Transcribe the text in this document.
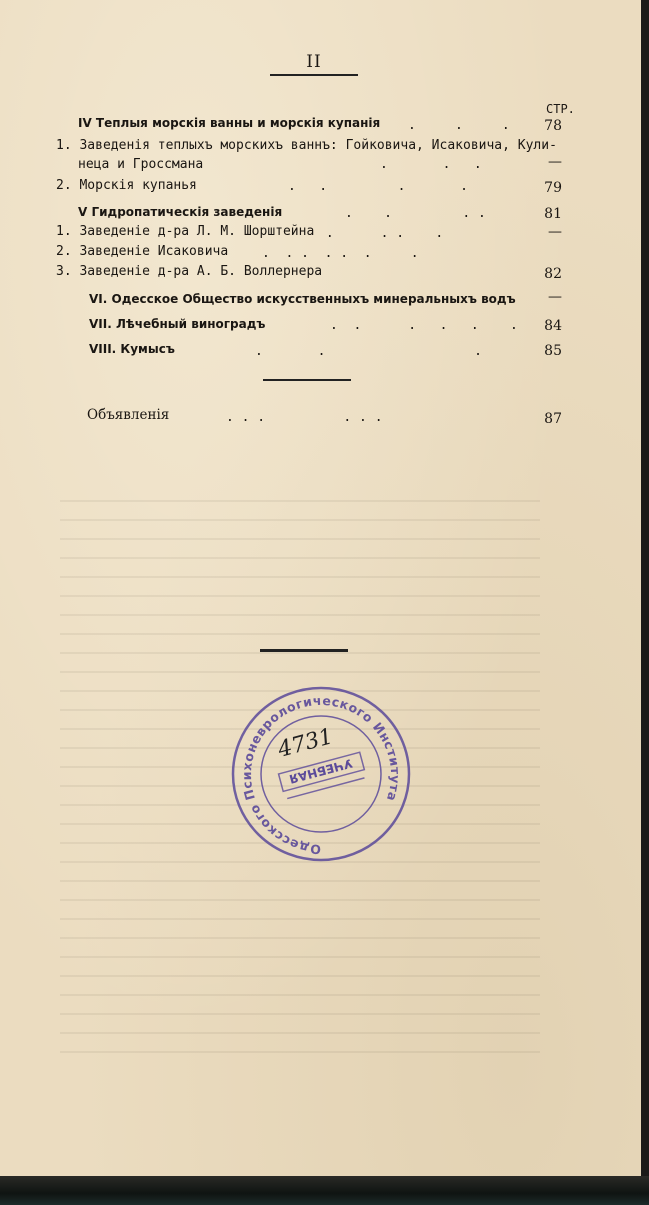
II
СТР.
IV Теплыя морскія ванны и морскія купанія .     .     . 78
1. Заведенія теплыхъ морскихъ ваннъ: Гойковича, Исаковича, Кули-
неца и Гроссмана	.       .   .	—
2. Морскія купанья	.   .         .       .	79
V Гидропатическія заведенія	.    .         . .	81
1. Заведеніе д-ра Л. М. Шорштейна .      . .    .	—
2. Заведеніе Исаковича	.  . .  . .  .     .
3. Заведеніе д-ра А. Б. Воллернера	82
VI. Одесское Общество искусственныхъ минеральныхъ водъ —
VII. Лѣчебный виноградъ	.  .      .   .   .    . 84
VIII. Кумысъ	.       .                   .	85
Объявленія	. . .          . . .	87
Одесского Психоневрологического Института
4731
УЧЕБНАЯ
